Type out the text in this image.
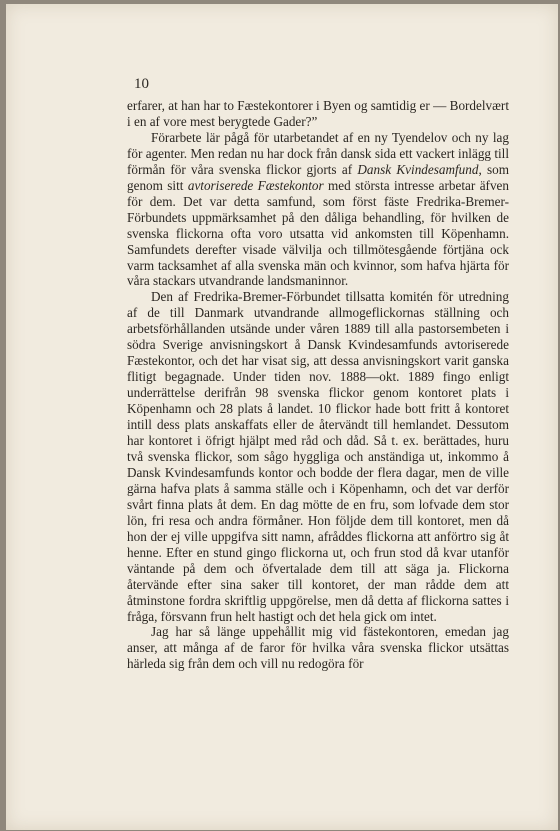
10

erfarer, at han har to Fæstekontorer i Byen og samtidig er — Bordelvært i en af vore mest berygtede Gader?”

Förarbete lär pågå för utarbetandet af en ny Tyendelov och ny lag för agenter. Men redan nu har dock från dansk sida ett vackert inlägg till förmån för våra svenska flickor gjorts af Dansk Kvindesamfund, som genom sitt avtoriserede Fæstekontor med största intresse arbetar äfven för dem. Det var detta samfund, som först fäste Fredrika-Bremer-Förbundets uppmärksamhet på den dåliga behandling, för hvilken de svenska flickorna ofta voro utsatta vid ankomsten till Köpenhamn. Samfundets derefter visade välvilja och tillmötesgående förtjäna ock varm tacksamhet af alla svenska män och kvinnor, som hafva hjärta för våra stackars utvandrande landsmaninnor.

Den af Fredrika-Bremer-Förbundet tillsatta komitén för utredning af de till Danmark utvandrande allmogeflickornas ställning och arbetsförhållanden utsände under våren 1889 till alla pastorsembeten i södra Sverige anvisningskort å Dansk Kvindesamfunds avtoriserede Fæstekontor, och det har visat sig, att dessa anvisningskort varit ganska flitigt begagnade. Under tiden nov. 1888—okt. 1889 fingo enligt underrättelse derifrån 98 svenska flickor genom kontoret plats i Köpenhamn och 28 plats å landet. 10 flickor hade bott fritt å kontoret intill dess plats anskaffats eller de återvändt till hemlandet. Dessutom har kontoret i öfrigt hjälpt med råd och dåd. Så t. ex. berättades, huru två svenska flickor, som sågo hyggliga och anständiga ut, inkommo å Dansk Kvindesamfunds kontor och bodde der flera dagar, men de ville gärna hafva plats å samma ställe och i Köpenhamn, och det var derför svårt finna plats åt dem. En dag mötte de en fru, som lofvade dem stor lön, fri resa och andra förmåner. Hon följde dem till kontoret, men då hon der ej ville uppgifva sitt namn, afråddes flickorna att anförtro sig åt henne. Efter en stund gingo flickorna ut, och frun stod då kvar utanför väntande på dem och öfvertalade dem till att säga ja. Flickorna återvände efter sina saker till kontoret, der man rådde dem att åtminstone fordra skriftlig uppgörelse, men då detta af flickorna sattes i fråga, försvann frun helt hastigt och det hela gick om intet.

Jag har så länge uppehållit mig vid fästekontoren, emedan jag anser, att många af de faror för hvilka våra svenska flickor utsättas härleda sig från dem och vill nu redogöra för
